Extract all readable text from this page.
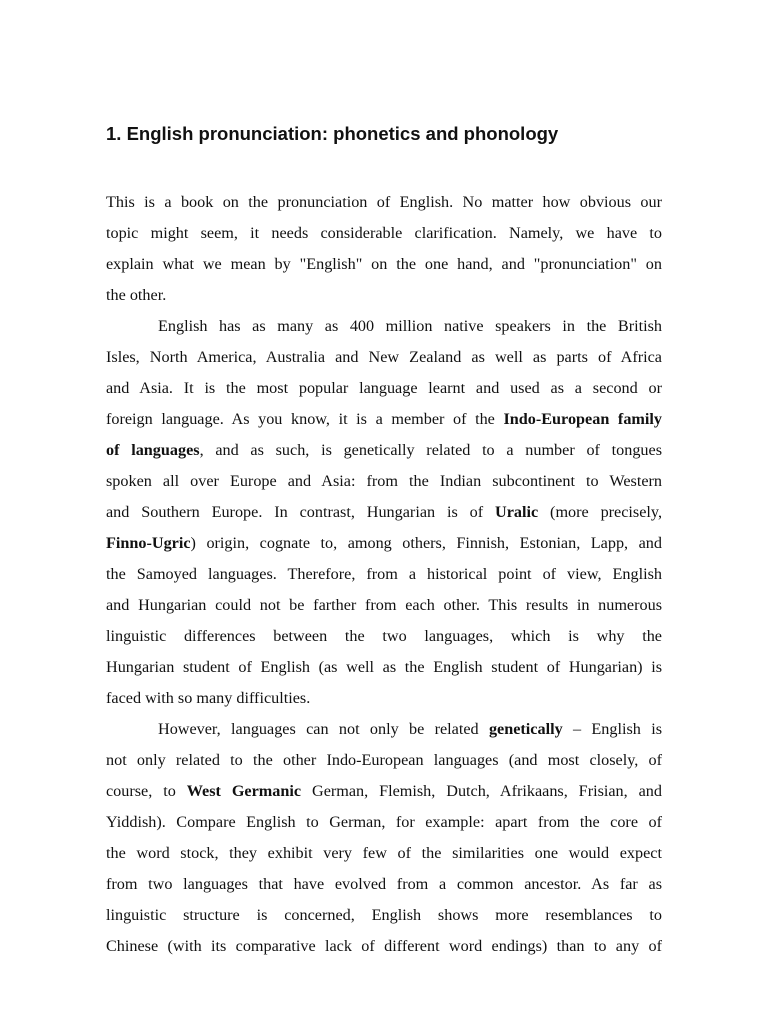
1. English pronunciation: phonetics and phonology
This is a book on the pronunciation of English. No matter how obvious our
topic might seem, it needs considerable clarification. Namely, we have to
explain what we mean by "English" on the one hand, and "pronunciation" on
the other.
English has as many as 400 million native speakers in the British
Isles, North America, Australia and New Zealand as well as parts of Africa
and Asia. It is the most popular language learnt and used as a second or
foreign language. As you know, it is a member of the Indo-European family
of languages, and as such, is genetically related to a number of tongues
spoken all over Europe and Asia: from the Indian subcontinent to Western
and Southern Europe. In contrast, Hungarian is of Uralic (more precisely,
Finno-Ugric) origin, cognate to, among others, Finnish, Estonian, Lapp, and
the Samoyed languages. Therefore, from a historical point of view, English
and Hungarian could not be farther from each other. This results in numerous
linguistic differences between the two languages, which is why the
Hungarian student of English (as well as the English student of Hungarian) is
faced with so many difficulties.
However, languages can not only be related genetically – English is
not only related to the other Indo-European languages (and most closely, of
course, to West Germanic German, Flemish, Dutch, Afrikaans, Frisian, and
Yiddish). Compare English to German, for example: apart from the core of
the word stock, they exhibit very few of the similarities one would expect
from two languages that have evolved from a common ancestor. As far as
linguistic structure is concerned, English shows more resemblances to
Chinese (with its comparative lack of different word endings) than to any of
